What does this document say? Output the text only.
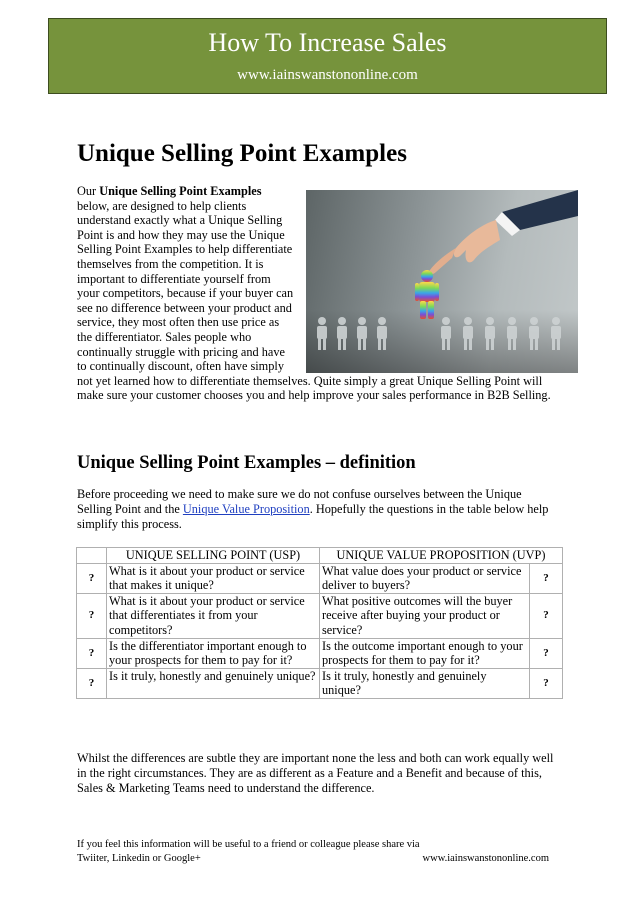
How To Increase Sales
www.iainswanstononline.com
Unique Selling Point Examples
Our Unique Selling Point Examples below, are designed to help clients understand exactly what a Unique Selling Point is and how they may use the Unique Selling Point Examples to help differentiate themselves from the competition. It is important to differentiate yourself from your competitors, because if your buyer can see no difference between your product and service, they most often then use price as the differentiator. Sales people who continually struggle with pricing and have to continually discount, often have simply not yet learned how to differentiate themselves. Quite simply a great Unique Selling Point will make sure your customer chooses you and help improve your sales performance in B2B Selling.
Unique Selling Point Examples – definition
Before proceeding we need to make sure we do not confuse ourselves between the Unique Selling Point and the Unique Value Proposition. Hopefully the questions in the table below help simplify this process.
	UNIQUE SELLING POINT (USP)	UNIQUE VALUE PROPOSITION (UVP)	
?	What is it about your product or service that makes it unique?	What value does your product or service deliver to buyers?	?
?	What is it about your product or service that differentiates it from your competitors?	What positive outcomes will the buyer receive after buying your product or service?	?
?	Is the differentiator important enough to your prospects for them to pay for it?	Is the outcome important enough to your prospects for them to pay for it?	?
?	Is it truly, honestly and genuinely unique?	Is it truly, honestly and genuinely unique?	?
Whilst the differences are subtle they are important none the less and both can work equally well in the right circumstances. They are as different as a Feature and a Benefit and because of this, Sales & Marketing Teams need to understand the difference.
If you feel this information will be useful to a friend or colleague please share via
Twiiter, Linkedin or Google+	www.iainswanstononline.com
